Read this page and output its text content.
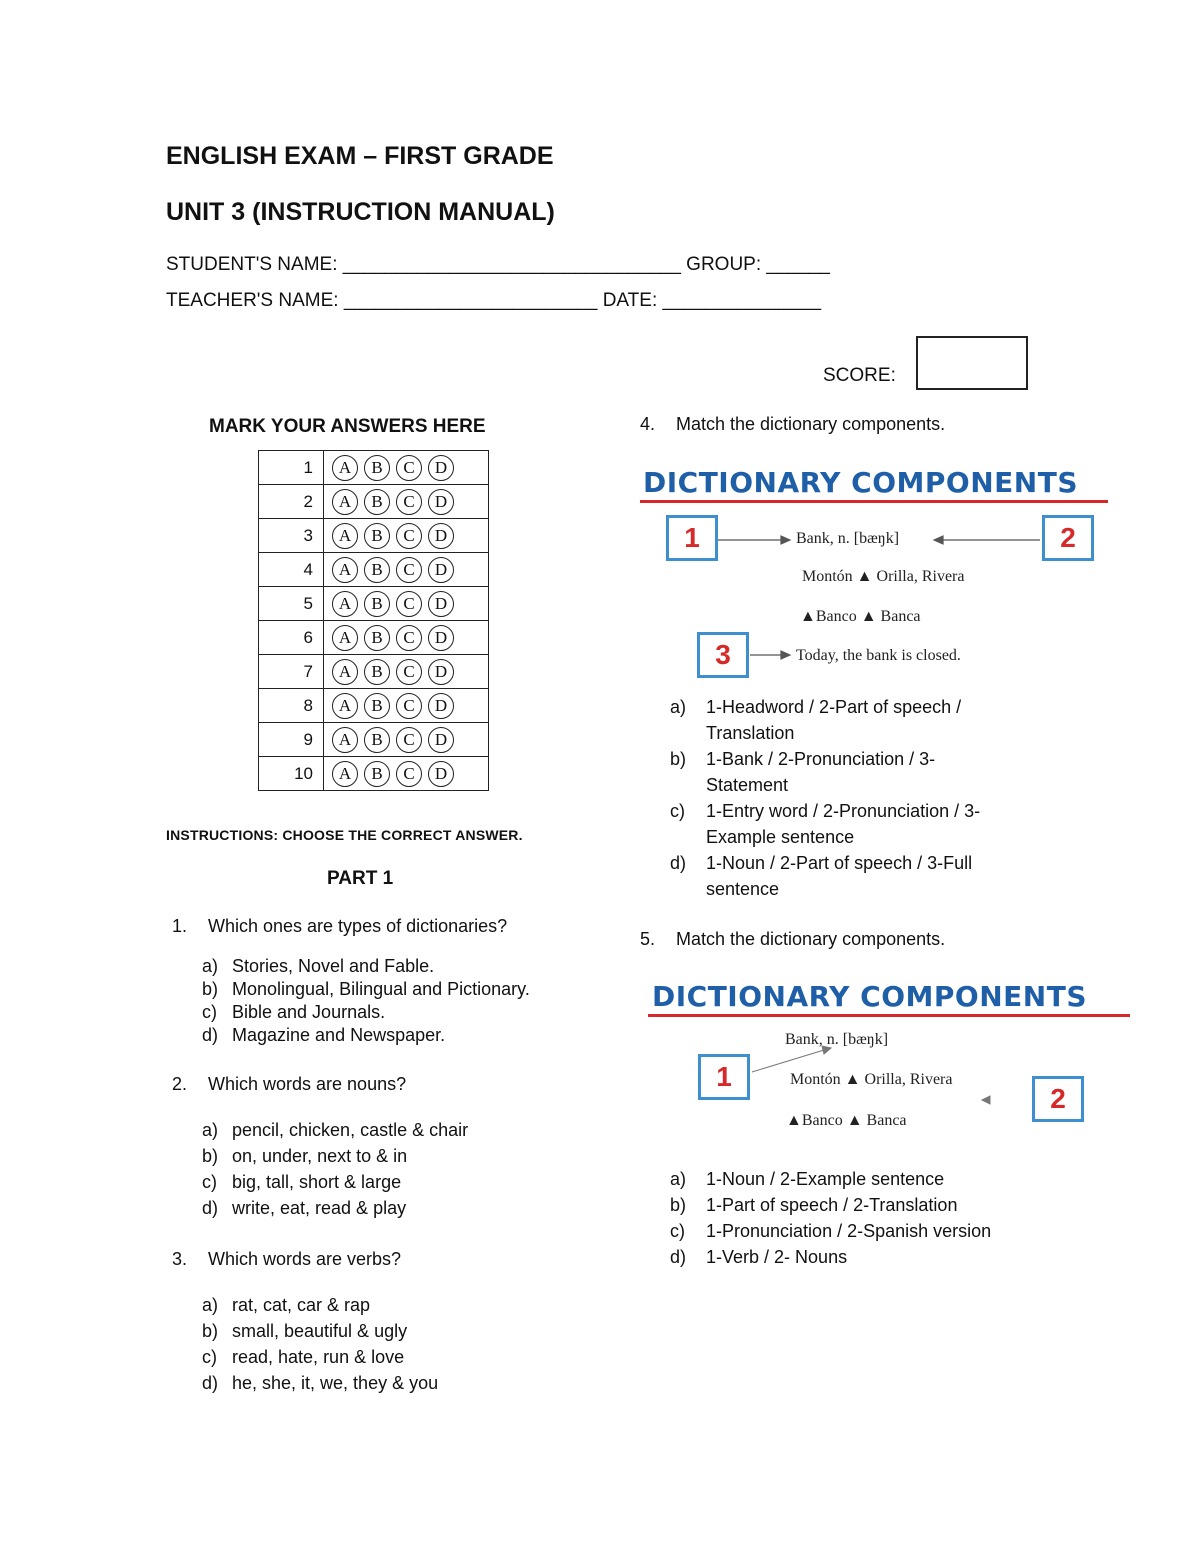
ENGLISH EXAM – FIRST GRADE
UNIT 3 (INSTRUCTION MANUAL)
STUDENT'S NAME: ________________________________ GROUP: ______
TEACHER'S NAME: ________________________ DATE: _______________
SCORE:
MARK YOUR ANSWERS HERE
1	A B C D
2	A B C D
3	A B C D
4	A B C D
5	A B C D
6	A B C D
7	A B C D
8	A B C D
9	A B C D
10	A B C D
INSTRUCTIONS: CHOOSE THE CORRECT ANSWER.
PART 1
1.	Which ones are types of dictionaries?
a) Stories, Novel and Fable.
b) Monolingual, Bilingual and Pictionary.
c) Bible and Journals.
d) Magazine and Newspaper.
2.	Which words are nouns?
a) pencil, chicken, castle & chair
b) on, under, next to & in
c) big, tall, short & large
d) write, eat, read & play
3.	Which words are verbs?
a) rat, cat, car & rap
b) small, beautiful & ugly
c) read, hate, run & love
d) he, she, it, we, they & you
4.	Match the dictionary components.
DICTIONARY COMPONENTS
1	2
3
Bank, n. [bæŋk]
Montón ▲ Orilla, Rivera
▲Banco ▲ Banca
Today, the bank is closed.
a)	1-Headword / 2-Part of speech / Translation
b)	1-Bank / 2-Pronunciation / 3-Statement
c)	1-Entry word / 2-Pronunciation / 3-Example sentence
d)	1-Noun / 2-Part of speech / 3-Full sentence
5.	Match the dictionary components.
DICTIONARY COMPONENTS
1
2
Bank, n. [bæŋk]
Montón ▲ Orilla, Rivera
▲Banco ▲ Banca
a)	1-Noun / 2-Example sentence
b)	1-Part of speech / 2-Translation
c)	1-Pronunciation / 2-Spanish version
d)	1-Verb / 2- Nouns
